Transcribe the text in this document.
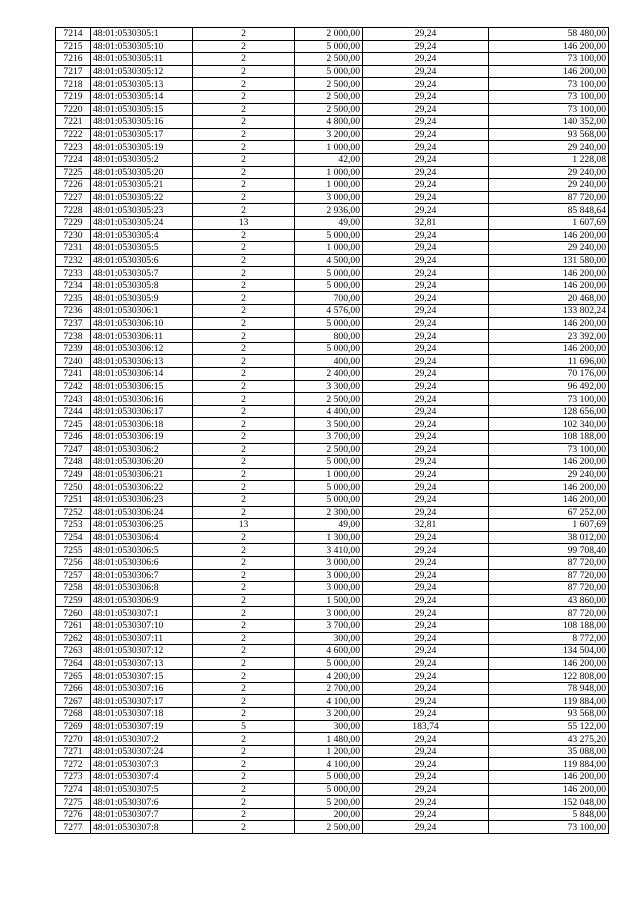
7214	48:01:0530305:1	2	2 000,00	29,24	58 480,00
7215	48:01:0530305:10	2	5 000,00	29,24	146 200,00
7216	48:01:0530305:11	2	2 500,00	29,24	73 100,00
7217	48:01:0530305:12	2	5 000,00	29,24	146 200,00
7218	48:01:0530305:13	2	2 500,00	29,24	73 100,00
7219	48:01:0530305:14	2	2 500,00	29,24	73 100,00
7220	48:01:0530305:15	2	2 500,00	29,24	73 100,00
7221	48:01:0530305:16	2	4 800,00	29,24	140 352,00
7222	48:01:0530305:17	2	3 200,00	29,24	93 568,00
7223	48:01:0530305:19	2	1 000,00	29,24	29 240,00
7224	48:01:0530305:2	2	42,00	29,24	1 228,08
7225	48:01:0530305:20	2	1 000,00	29,24	29 240,00
7226	48:01:0530305:21	2	1 000,00	29,24	29 240,00
7227	48:01:0530305:22	2	3 000,00	29,24	87 720,00
7228	48:01:0530305:23	2	2 936,00	29,24	85 848,64
7229	48:01:0530305:24	13	49,00	32,81	1 607,69
7230	48:01:0530305:4	2	5 000,00	29,24	146 200,00
7231	48:01:0530305:5	2	1 000,00	29,24	29 240,00
7232	48:01:0530305:6	2	4 500,00	29,24	131 580,00
7233	48:01:0530305:7	2	5 000,00	29,24	146 200,00
7234	48:01:0530305:8	2	5 000,00	29,24	146 200,00
7235	48:01:0530305:9	2	700,00	29,24	20 468,00
7236	48:01:0530306:1	2	4 576,00	29,24	133 802,24
7237	48:01:0530306:10	2	5 000,00	29,24	146 200,00
7238	48:01:0530306:11	2	800,00	29,24	23 392,00
7239	48:01:0530306:12	2	5 000,00	29,24	146 200,00
7240	48:01:0530306:13	2	400,00	29,24	11 696,00
7241	48:01:0530306:14	2	2 400,00	29,24	70 176,00
7242	48:01:0530306:15	2	3 300,00	29,24	96 492,00
7243	48:01:0530306:16	2	2 500,00	29,24	73 100,00
7244	48:01:0530306:17	2	4 400,00	29,24	128 656,00
7245	48:01:0530306:18	2	3 500,00	29,24	102 340,00
7246	48:01:0530306:19	2	3 700,00	29,24	108 188,00
7247	48:01:0530306:2	2	2 500,00	29,24	73 100,00
7248	48:01:0530306:20	2	5 000,00	29,24	146 200,00
7249	48:01:0530306:21	2	1 000,00	29,24	29 240,00
7250	48:01:0530306:22	2	5 000,00	29,24	146 200,00
7251	48:01:0530306:23	2	5 000,00	29,24	146 200,00
7252	48:01:0530306:24	2	2 300,00	29,24	67 252,00
7253	48:01:0530306:25	13	49,00	32,81	1 607,69
7254	48:01:0530306:4	2	1 300,00	29,24	38 012,00
7255	48:01:0530306:5	2	3 410,00	29,24	99 708,40
7256	48:01:0530306:6	2	3 000,00	29,24	87 720,00
7257	48:01:0530306:7	2	3 000,00	29,24	87 720,00
7258	48:01:0530306:8	2	3 000,00	29,24	87 720,00
7259	48:01:0530306:9	2	1 500,00	29,24	43 860,00
7260	48:01:0530307:1	2	3 000,00	29,24	87 720,00
7261	48:01:0530307:10	2	3 700,00	29,24	108 188,00
7262	48:01:0530307:11	2	300,00	29,24	8 772,00
7263	48:01:0530307:12	2	4 600,00	29,24	134 504,00
7264	48:01:0530307:13	2	5 000,00	29,24	146 200,00
7265	48:01:0530307:15	2	4 200,00	29,24	122 808,00
7266	48:01:0530307:16	2	2 700,00	29,24	78 948,00
7267	48:01:0530307:17	2	4 100,00	29,24	119 884,00
7268	48:01:0530307:18	2	3 200,00	29,24	93 568,00
7269	48:01:0530307:19	5	300,00	183,74	55 122,00
7270	48:01:0530307:2	2	1 480,00	29,24	43 275,20
7271	48:01:0530307:24	2	1 200,00	29,24	35 088,00
7272	48:01:0530307:3	2	4 100,00	29,24	119 884,00
7273	48:01:0530307:4	2	5 000,00	29,24	146 200,00
7274	48:01:0530307:5	2	5 000,00	29,24	146 200,00
7275	48:01:0530307:6	2	5 200,00	29,24	152 048,00
7276	48:01:0530307:7	2	200,00	29,24	5 848,00
7277	48:01:0530307:8	2	2 500,00	29,24	73 100,00
